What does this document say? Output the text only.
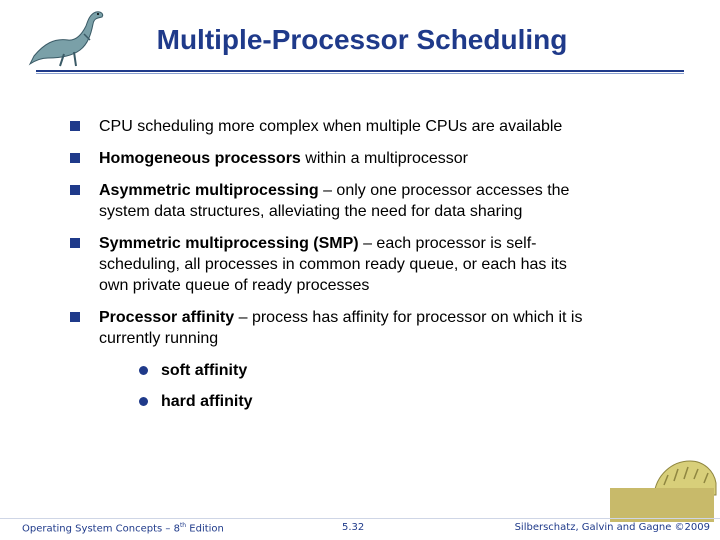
Multiple-Processor Scheduling
CPU scheduling more complex when multiple CPUs are available
Homogeneous processors within a multiprocessor
Asymmetric multiprocessing – only one processor accesses the system data structures, alleviating the need for data sharing
Symmetric multiprocessing (SMP) – each processor is self-scheduling, all processes in common ready queue, or each has its own private queue of ready processes
Processor affinity – process has affinity for processor on which it is currently running
soft affinity
hard affinity
Operating System Concepts – 8th Edition	5.32	Silberschatz, Galvin and Gagne ©2009
